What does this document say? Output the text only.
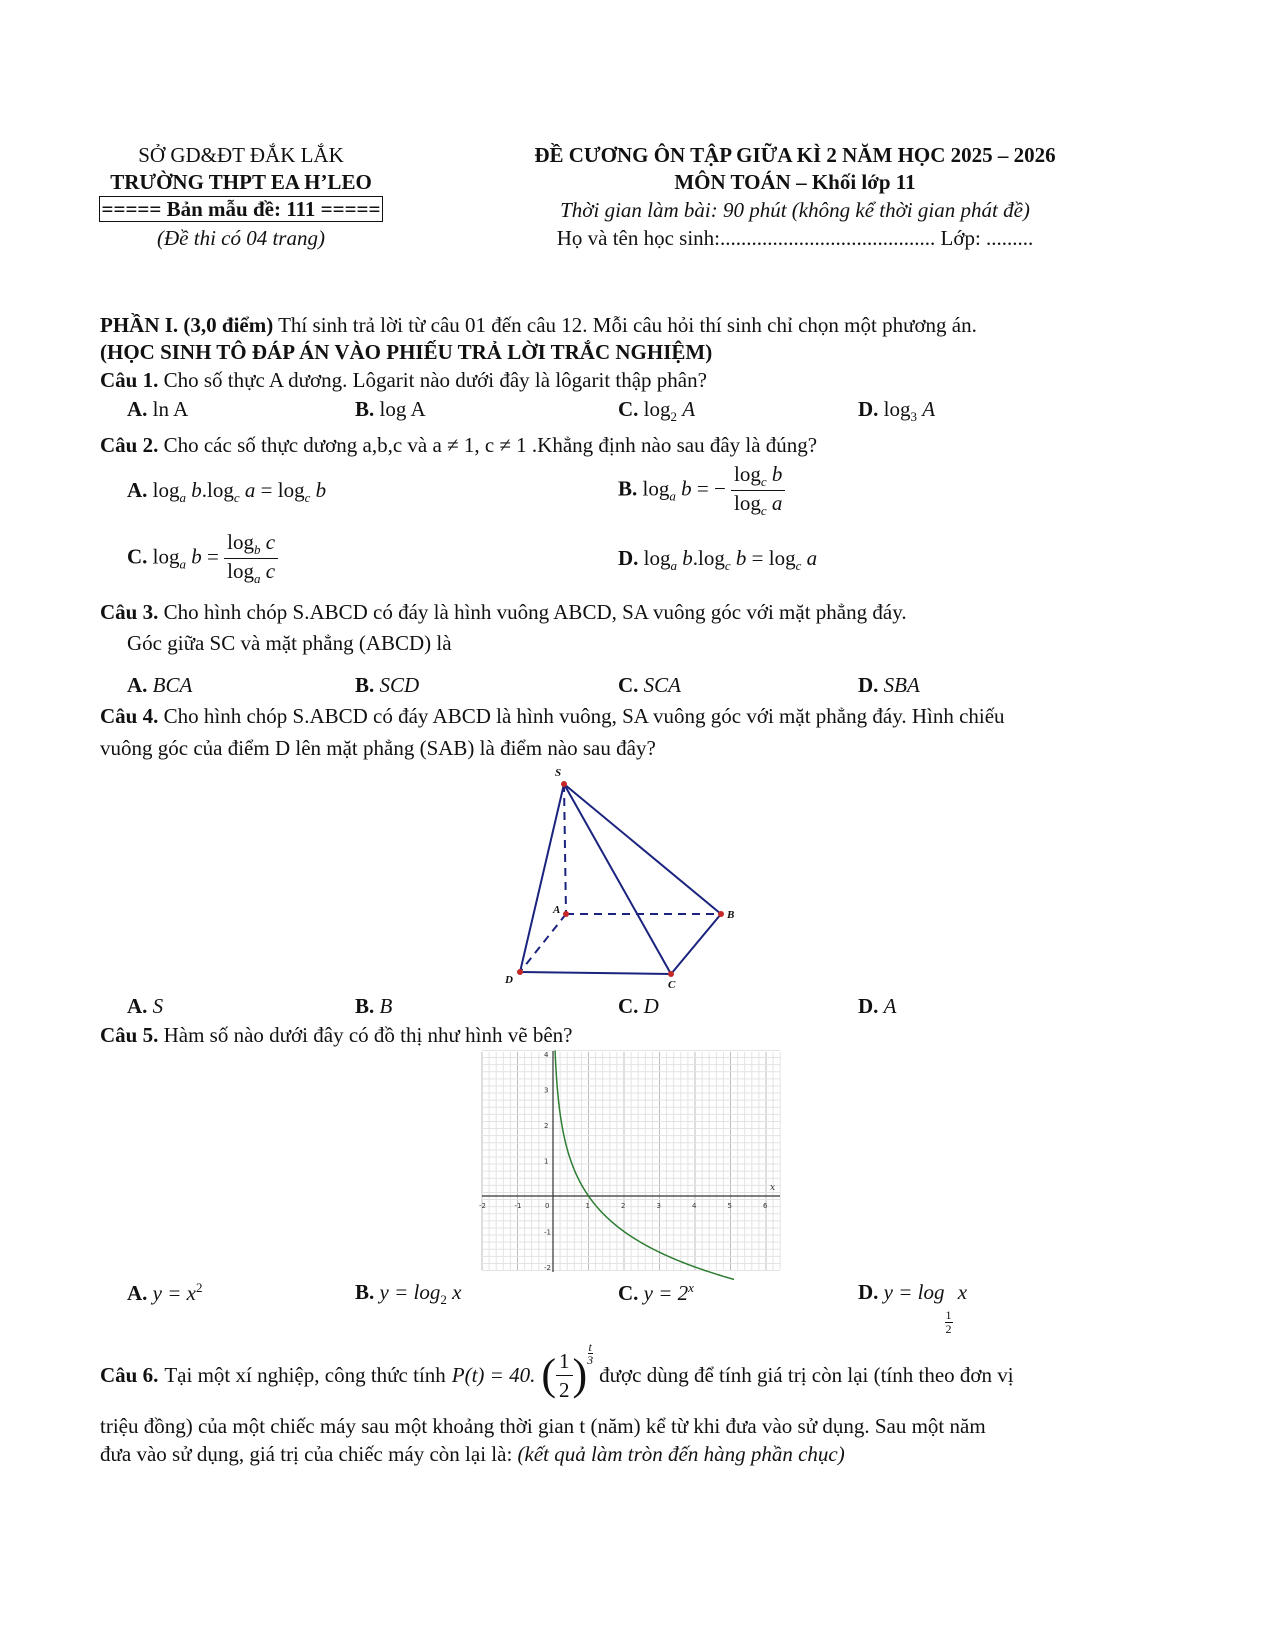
SỞ GD&ĐT ĐẮK LẮK
TRƯỜNG THPT EA H’LEO
===== Bản mẫu đề: 111 =====
(Đề thi có 04 trang)
ĐỀ CƯƠNG ÔN TẬP GIỮA KÌ 2 NĂM HỌC 2025 – 2026
MÔN TOÁN – Khối lớp 11
Thời gian làm bài: 90 phút (không kể thời gian phát đề)
Họ và tên học sinh:......................................... Lớp: .........
PHẦN I. (3,0 điểm) Thí sinh trả lời từ câu 01 đến câu 12. Mỗi câu hỏi thí sinh chỉ chọn một phương án.
(HỌC SINH TÔ ĐÁP ÁN VÀO PHIẾU TRẢ LỜI TRẮC NGHIỆM)
Câu 1. Cho số thực A dương. Lôgarit nào dưới đây là lôgarit thập phân?
A. ln A	B. log A	C. $\log_2 A$	D. $\log_3 A$
Câu 2. Cho các số thực dương a,b,c và a ≠ 1, c ≠ 1 .Khẳng định nào sau đây là đúng?
A. $\log_a b.\log_c$ $a = \log_c b$	B. $\log_a b$ = − $\frac{\log_c b}{\log_c a}$
C. $\log_a b = \frac{\log_b c}{\log_a c}$	D. $\log_a b.\log_c$ $b = \log_c a$
Câu 3. Cho hình chóp S.ABCD có đáy là hình vuông ABCD, SA vuông góc với mặt phẳng đáy.
Góc giữa SC và mặt phẳng (ABCD) là
A. BCA	B. SCD	C. SCA	D. SBA
Câu 4. Cho hình chóp S.ABCD có đáy ABCD là hình vuông, SA vuông góc với mặt phẳng đáy. Hình chiếu
vuông góc của điểm D lên mặt phẳng (SAB) là điểm nào sau đây?
S
A	B
C
D
A. S	B. B	C. D	D. A
Câu 5. Hàm số nào dưới đây có đồ thị như hình vẽ bên?
-2	-1	0	1	2	3	4	5	6
4
3
2
1
-1
-2
x
A. $y = x^2$	B. $y = \log_2 x$	C. $y = 2^x$	D. y = log
$\frac{1}{2}$
x
Câu 6. Tại một xí nghiệp, công thức tính P(t) = 40. ( $\frac{1}{2}$ )
t
3
được dùng để tính giá trị còn lại (tính theo đơn vị
triệu đồng) của một chiếc máy sau một khoảng thời gian t (năm) kể từ khi đưa vào sử dụng. Sau một năm
đưa vào sử dụng, giá trị của chiếc máy còn lại là: (kết quả làm tròn đến hàng phần chục)
